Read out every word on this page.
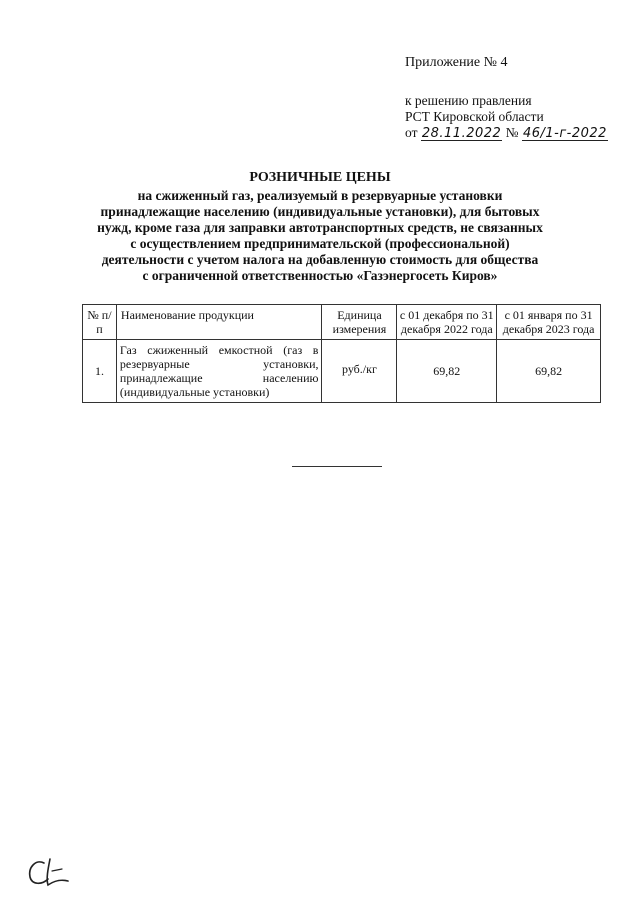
Приложение № 4
к решению правления
РСТ Кировской области
от 28.11.2022 № 46/1-г-2022
РОЗНИЧНЫЕ ЦЕНЫ
на сжиженный газ, реализуемый в резервуарные установки
принадлежащие населению (индивидуальные установки), для бытовых
нужд, кроме газа для заправки автотранспортных средств, не связанных
с осуществлением предпринимательской (профессиональной)
деятельности с учетом налога на добавленную стоимость для общества
с ограниченной ответственностью «Газэнергосеть Киров»
№ п/п	Наименование продукции	Единица измерения	с 01 декабря по 31 декабря 2022 года	с 01 января по 31 декабря 2023 года
1.	Газ сжиженный емкостной (газ в резервуарные установки, принадлежащие населению (индивидуальные установки)	руб./кг	69,82	69,82
